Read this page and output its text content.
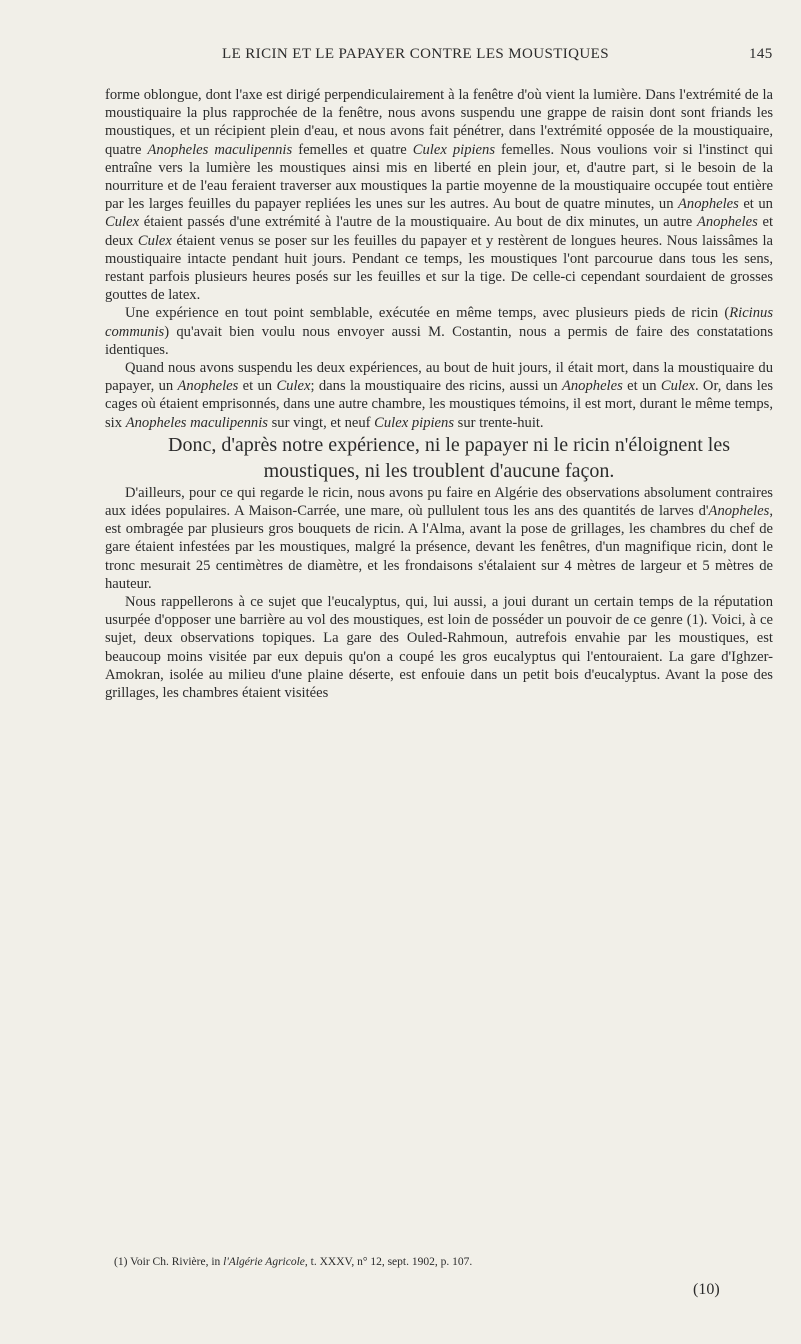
LE RICIN ET LE PAPAYER CONTRE LES MOUSTIQUES	145

forme oblongue, dont l'axe est dirigé perpendiculairement à la fenêtre d'où vient la lumière. Dans l'extrémité de la moustiquaire la plus rapprochée de la fenêtre, nous avons suspendu une grappe de raisin dont sont friands les moustiques, et un récipient plein d'eau, et nous avons fait pénétrer, dans l'extrémité opposée de la moustiquaire, quatre Anopheles maculipennis femelles et quatre Culex pipiens femelles. Nous voulions voir si l'instinct qui entraîne vers la lumière les moustiques ainsi mis en liberté en plein jour, et, d'autre part, si le besoin de la nourriture et de l'eau feraient traverser aux moustiques la partie moyenne de la moustiquaire occupée tout entière par les larges feuilles du papayer repliées les unes sur les autres. Au bout de quatre minutes, un Anopheles et un Culex étaient passés d'une extrémité à l'autre de la moustiquaire. Au bout de dix minutes, un autre Anopheles et deux Culex étaient venus se poser sur les feuilles du papayer et y restèrent de longues heures. Nous laissâmes la moustiquaire intacte pendant huit jours. Pendant ce temps, les moustiques l'ont parcourue dans tous les sens, restant parfois plusieurs heures posés sur les feuilles et sur la tige. De celle-ci cependant sourdaient de grosses gouttes de latex.

Une expérience en tout point semblable, exécutée en même temps, avec plusieurs pieds de ricin (Ricinus communis) qu'avait bien voulu nous envoyer aussi M. Costantin, nous a permis de faire des constatations identiques.

Quand nous avons suspendu les deux expériences, au bout de huit jours, il était mort, dans la moustiquaire du papayer, un Anopheles et un Culex; dans la moustiquaire des ricins, aussi un Anopheles et un Culex. Or, dans les cages où étaient emprisonnés, dans une autre chambre, les moustiques témoins, il est mort, durant le même temps, six Anopheles maculipennis sur vingt, et neuf Culex pipiens sur trente-huit.

Donc, d'après notre expérience, ni le papayer ni le ricin n'éloignent les moustiques, ni les troublent d'aucune façon.

D'ailleurs, pour ce qui regarde le ricin, nous avons pu faire en Algérie des observations absolument contraires aux idées populaires. A Maison-Carrée, une mare, où pullulent tous les ans des quantités de larves d'Anopheles, est ombragée par plusieurs gros bouquets de ricin. A l'Alma, avant la pose de grillages, les chambres du chef de gare étaient infestées par les moustiques, malgré la présence, devant les fenêtres, d'un magnifique ricin, dont le tronc mesurait 25 centimètres de diamètre, et les frondaisons s'étalaient sur 4 mètres de largeur et 5 mètres de hauteur.

Nous rappellerons à ce sujet que l'eucalyptus, qui, lui aussi, a joui durant un certain temps de la réputation usurpée d'opposer une barrière au vol des moustiques, est loin de posséder un pouvoir de ce genre (1). Voici, à ce sujet, deux observations topiques. La gare des Ouled-Rahmoun, autrefois envahie par les moustiques, est beaucoup moins visitée par eux depuis qu'on a coupé les gros eucalyptus qui l'entouraient. La gare d'Ighzer-Amokran, isolée au milieu d'une plaine déserte, est enfouie dans un petit bois d'eucalyptus. Avant la pose des grillages, les chambres étaient visitées

(1) Voir Ch. Rivière, in l'Algérie Agricole, t. XXXV, n° 12, sept. 1902, p. 107.
(10)
